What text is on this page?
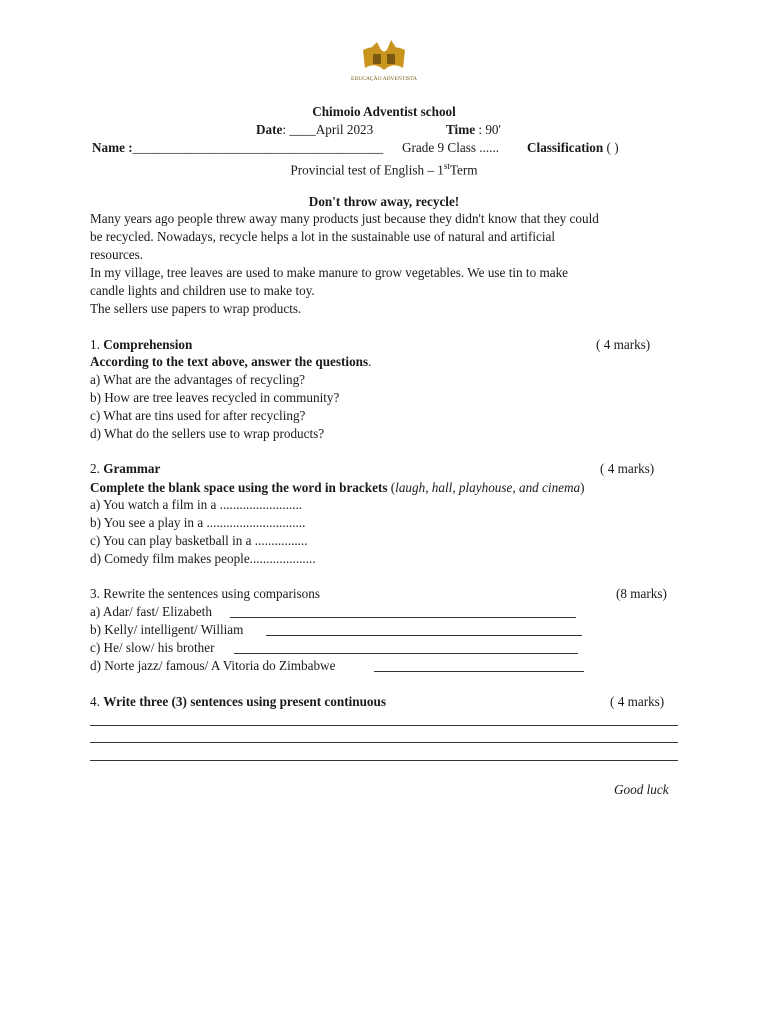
EDUCAÇÃO ADVENTISTA
Chimoio Adventist school
Date: ____April 2023	Time : 90'
Name :______________________________________ Grade 9 Class ...... Classification ( )
Provincial test of English – 1stTerm
Don't throw away, recycle!
Many years ago people threw away many products just because they didn't know that they could
be recycled. Nowadays, recycle helps a lot in the sustainable use of natural and artificial
resources.
In my village, tree leaves are used to make manure to grow vegetables. We use tin to make
candle lights and children use to make toy.
The sellers use papers to wrap products.
1. Comprehension	( 4 marks)
According to the text above, answer the questions.
a) What are the advantages of recycling?
b) How are tree leaves recycled in community?
c) What are tins used for after recycling?
d) What do the sellers use to wrap products?
2. Grammar	( 4 marks)
Complete the blank space using the word in brackets (laugh, hall, playhouse, and cinema)
a) You watch a film in a .........................
b) You see a play in a ..............................
c) You can play basketball in a ................
d) Comedy film makes people....................
3. Rewrite the sentences using comparisons	(8 marks)
a) Adar/ fast/ Elizabeth
b) Kelly/ intelligent/ William
c) He/ slow/ his brother
d) Norte jazz/ famous/ A Vitoria do Zimbabwe
4. Write three (3) sentences using present continuous	( 4 marks)
Good luck
